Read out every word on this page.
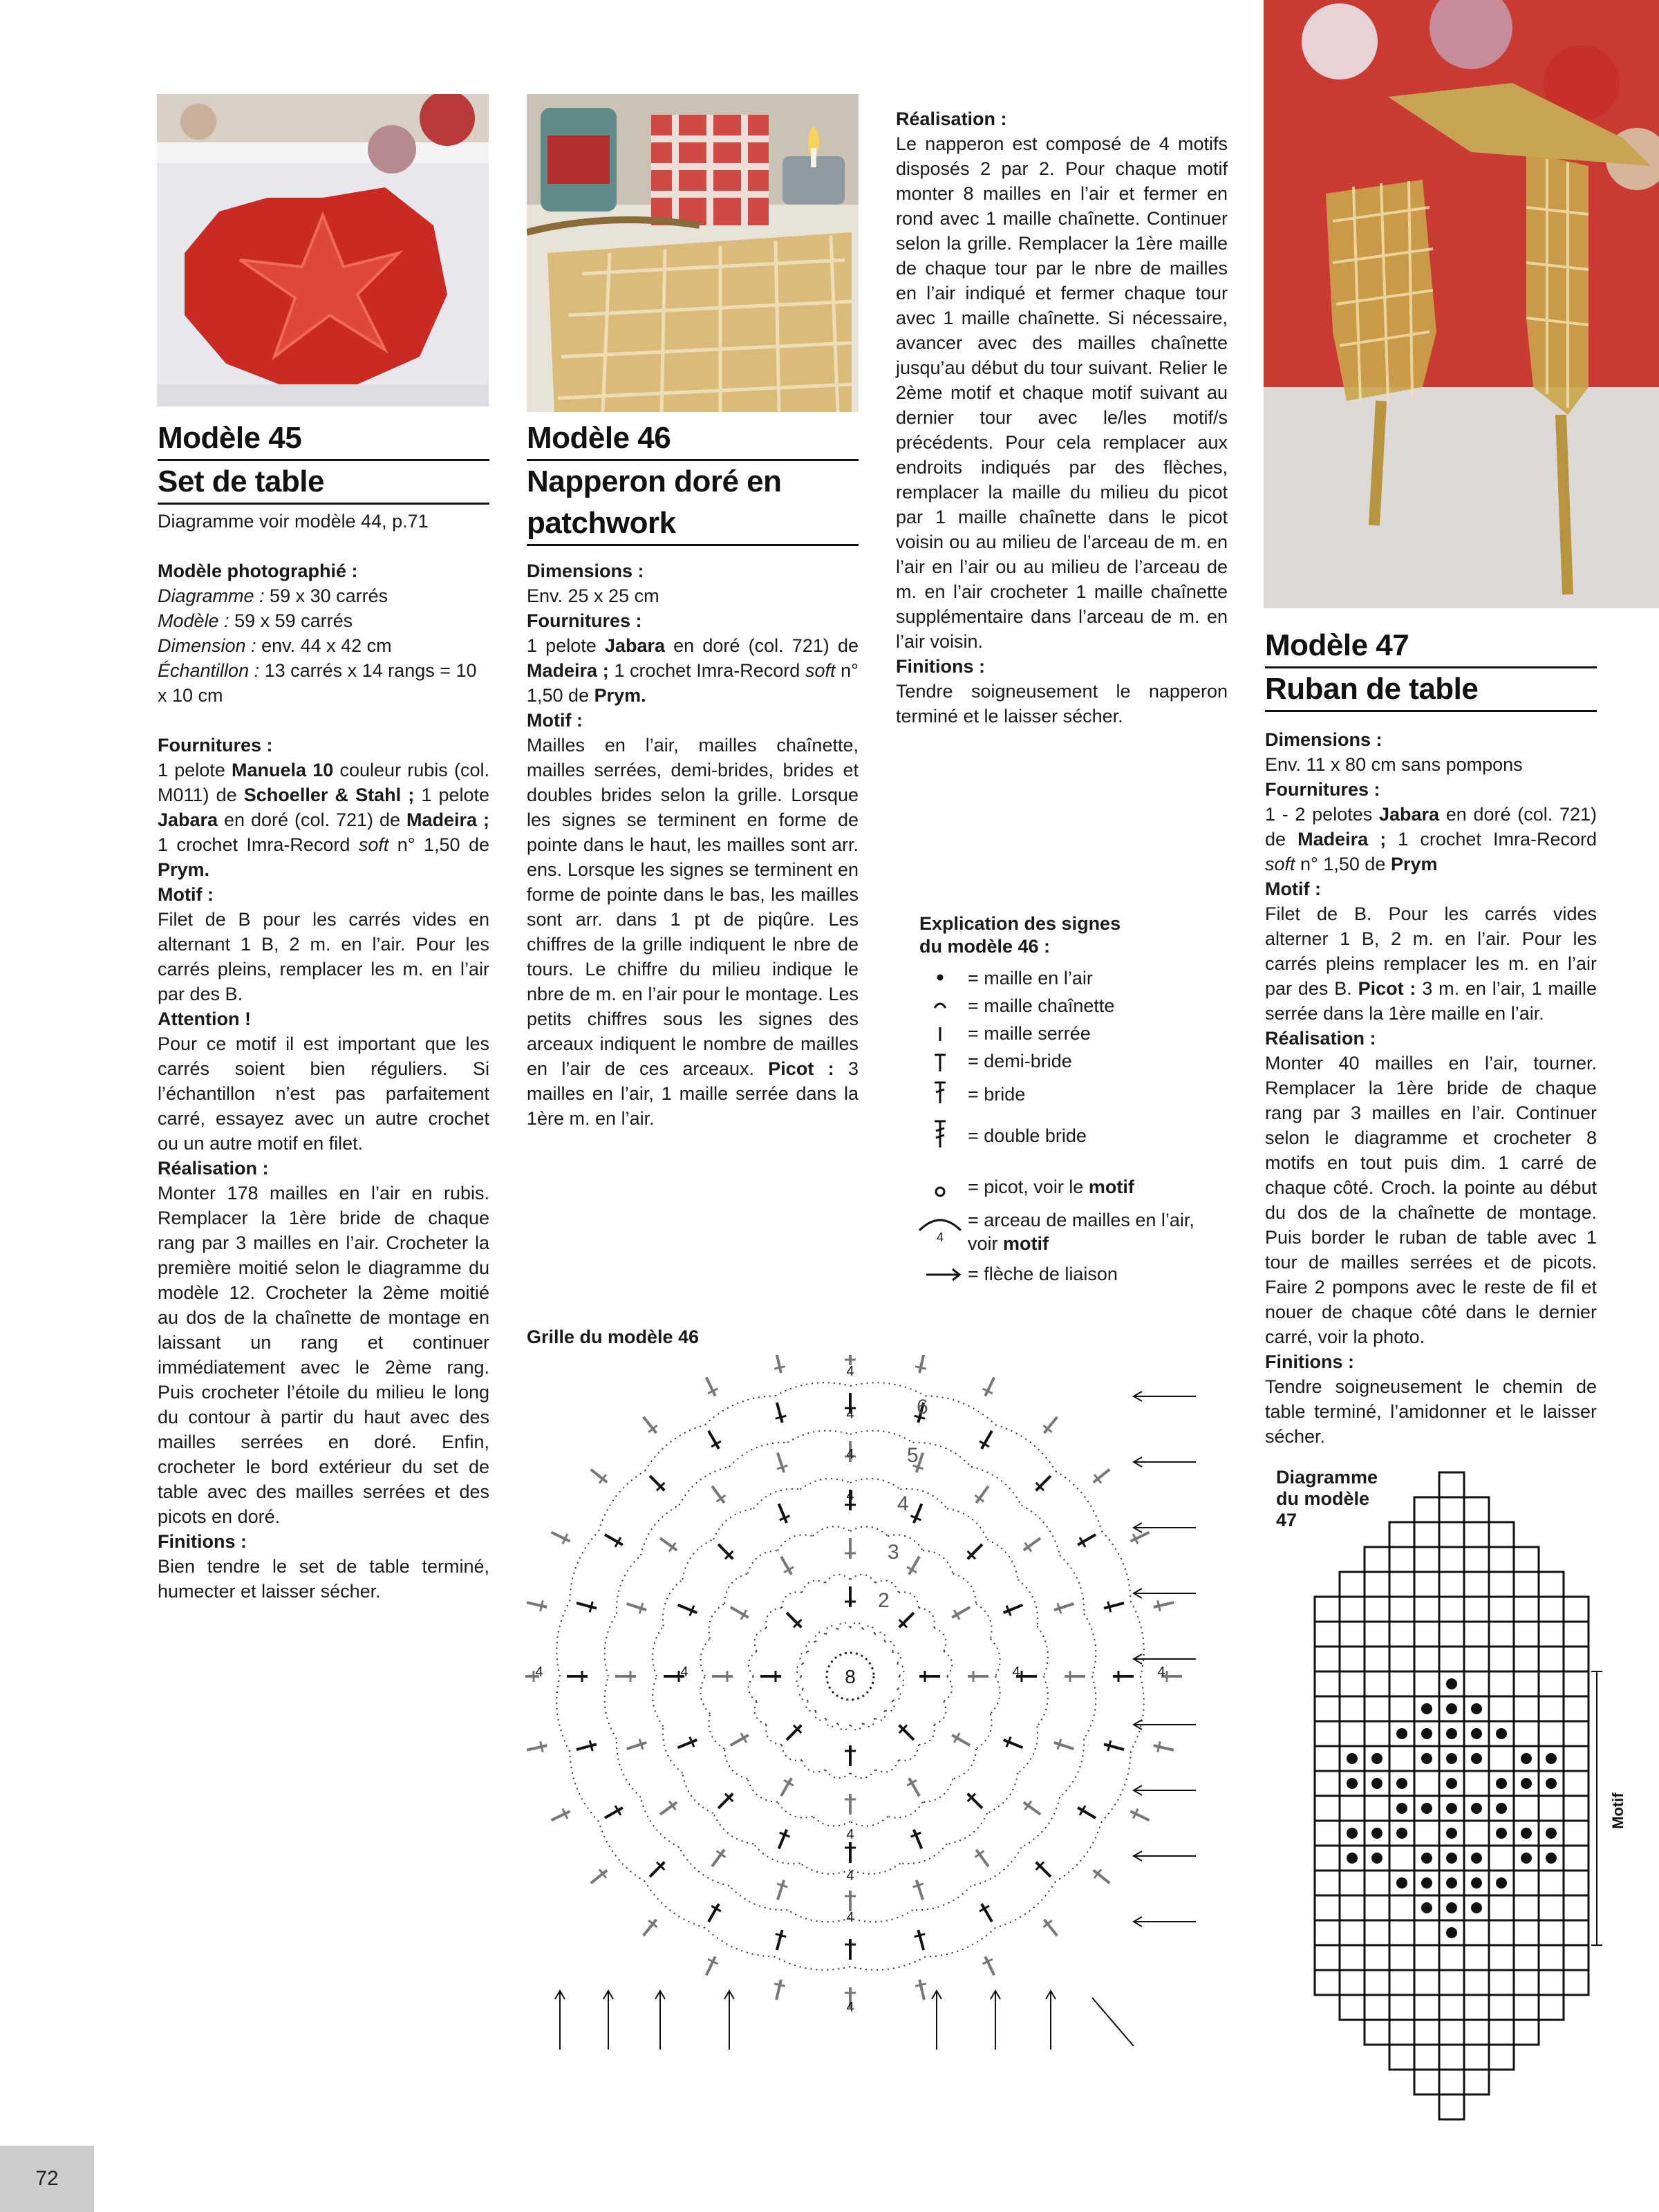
Modèle 45
Set de table

Diagramme voir modèle 44, p.71

Modèle photographié :

Diagramme : 59 x 30 carrés

Modèle : 59 x 59 carrés

Dimension : env. 44 x 42 cm

Échantillon : 13 carrés x 14 rangs = 10 x 10 cm

Fournitures :

1 pelote Manuela 10 couleur rubis (col. M011) de Schoeller & Stahl ; 1 pelote Jabara en doré (col. 721) de Madeira ; 1 crochet Imra-Record soft n° 1,50 de Prym.

Motif :

Filet de B pour les carrés vides en alternant 1 B, 2 m. en l’air. Pour les carrés pleins, remplacer les m. en l’air par des B.

Attention !

Pour ce motif il est important que les carrés soient bien réguliers. Si l’échantillon n’est pas parfaitement carré, essayez avec un autre crochet ou un autre motif en filet.

Réalisation :

Monter 178 mailles en l’air en rubis. Remplacer la 1ère bride de chaque rang par 3 mailles en l’air. Crocheter la première moitié selon le diagramme du modèle 12. Crocheter la 2ème moitié au dos de la chaînette de montage en laissant un rang et continuer immédiatement avec le 2ème rang. Puis crocheter l’étoile du milieu le long du contour à partir du haut avec des mailles serrées en doré. Enfin, crocheter le bord extérieur du set de table avec des mailles serrées et des picots en doré.

Finitions :

Bien tendre le set de table terminé, humecter et laisser sécher.

Modèle 46
Napperon doré en
patchwork

Dimensions :

Env. 25 x 25 cm

Fournitures :

1 pelote Jabara en doré (col. 721) de Madeira ; 1 crochet Imra-Record soft n° 1,50 de Prym.

Motif :

Mailles en l’air, mailles chaînette, mailles serrées, demi-brides, brides et doubles brides selon la grille. Lorsque les signes se terminent en forme de pointe dans le haut, les mailles sont arr. ens. Lorsque les signes se terminent en forme de pointe dans le bas, les mailles sont arr. dans 1 pt de piqûre. Les chiffres de la grille indiquent le nbre de tours. Le chiffre du milieu indique le nbre de m. en l’air pour le montage. Les petits chiffres sous les signes des arceaux indiquent le nombre de mailles en l’air de ces arceaux. Picot : 3 mailles en l’air, 1 maille serrée dans la 1ère m. en l’air.

Réalisation :

Le napperon est composé de 4 motifs disposés 2 par 2. Pour chaque motif monter 8 mailles en l’air et fermer en rond avec 1 maille chaînette. Continuer selon la grille. Remplacer la 1ère maille de chaque tour par le nbre de mailles en l’air indiqué et fermer chaque tour avec 1 maille chaînette. Si nécessaire, avancer avec des mailles chaînette jusqu’au début du tour suivant. Relier le 2ème motif et chaque motif suivant au dernier tour avec le/les motif/s précédents. Pour cela remplacer aux endroits indiqués par des flèches, remplacer la maille du milieu du picot par 1 maille chaînette dans le picot voisin ou au milieu de l’arceau de m. en l’air en l’air ou au milieu de l’arceau de m. en l’air crocheter 1 maille chaînette supplémentaire dans l’arceau de m. en l’air voisin.

Finitions :

Tendre soigneusement le napperon terminé et le laisser sécher.

Explication des signes
du modèle 46 :
4
= maille en l’air
= maille chaînette
= maille serrée
= demi-bride
= bride
= double bride
= picot, voir le motif
= arceau de mailles en l’air,
voir motif
= flèche de liaison
Grille du modèle 46
8
2
3
4
5
6
4
4
4
4
4	4
4	4
4
4
4
4
Modèle 47
Ruban de table

Dimensions :

Env. 11 x 80 cm sans pompons

Fournitures :

1 - 2 pelotes Jabara en doré (col. 721) de Madeira ; 1 crochet Imra-Record soft n° 1,50 de Prym

Motif :

Filet de B. Pour les carrés vides alterner 1 B, 2 m. en l’air. Pour les carrés pleins remplacer les m. en l’air par des B. Picot : 3 m. en l’air, 1 maille serrée dans la 1ère maille en l’air.

Réalisation :

Monter 40 mailles en l’air, tourner. Remplacer la 1ère bride de chaque rang par 3 mailles en l’air. Continuer selon le diagramme et crocheter 8 motifs en tout puis dim. 1 carré de chaque côté. Croch. la pointe au début du dos de la chaînette de montage. Puis border le ruban de table avec 1 tour de mailles serrées et de picots. Faire 2 pompons avec le reste de fil et nouer de chaque côté dans le dernier carré, voir la photo.

Finitions :

Tendre soigneusement le chemin de table terminé, l’amidonner et le laisser sécher.

Diagramme
du modèle
47
Motif
72
